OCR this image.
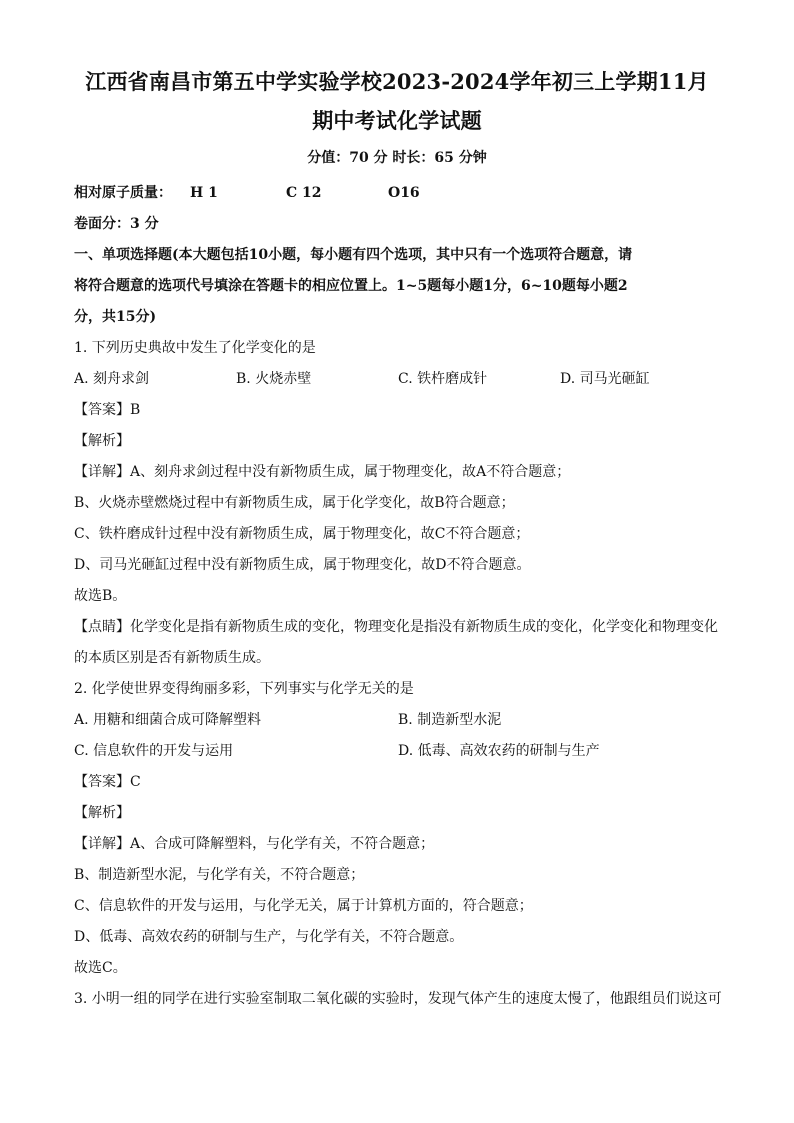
江西省南昌市第五中学实验学校2023-2024学年初三上学期11月
期中考试化学试题
分值：70 分 时长：65 分钟
相对原子质量： H 1	C 12	O16
卷面分：3 分
一、单项选择题(本大题包括10小题，每小题有四个选项，其中只有一个选项符合题意，请
将符合题意的选项代号填涂在答题卡的相应位置上。1~5题每小题1分，6~10题每小题2
分，共15分)
1. 下列历史典故中发生了化学变化的是
A. 刻舟求剑	B. 火烧赤壁	C. 铁杵磨成针	D. 司马光砸缸
【答案】B
【解析】
【详解】A、刻舟求剑过程中没有新物质生成，属于物理变化，故A不符合题意；
B、火烧赤壁燃烧过程中有新物质生成，属于化学变化，故B符合题意；
C、铁杵磨成针过程中没有新物质生成，属于物理变化，故C不符合题意；
D、司马光砸缸过程中没有新物质生成，属于物理变化，故D不符合题意。
故选B。
【点睛】化学变化是指有新物质生成的变化，物理变化是指没有新物质生成的变化，化学变化和物理变化
的本质区别是否有新物质生成。
2. 化学使世界变得绚丽多彩，下列事实与化学无关的是
A. 用糖和细菌合成可降解塑料	B. 制造新型水泥
C. 信息软件的开发与运用	D. 低毒、高效农药的研制与生产
【答案】C
【解析】
【详解】A、合成可降解塑料，与化学有关，不符合题意；
B、制造新型水泥，与化学有关，不符合题意；
C、信息软件的开发与运用，与化学无关，属于计算机方面的，符合题意；
D、低毒、高效农药的研制与生产，与化学有关，不符合题意。
故选C。
3. 小明一组的同学在进行实验室制取二氧化碳的实验时，发现气体产生的速度太慢了，他跟组员们说这可
